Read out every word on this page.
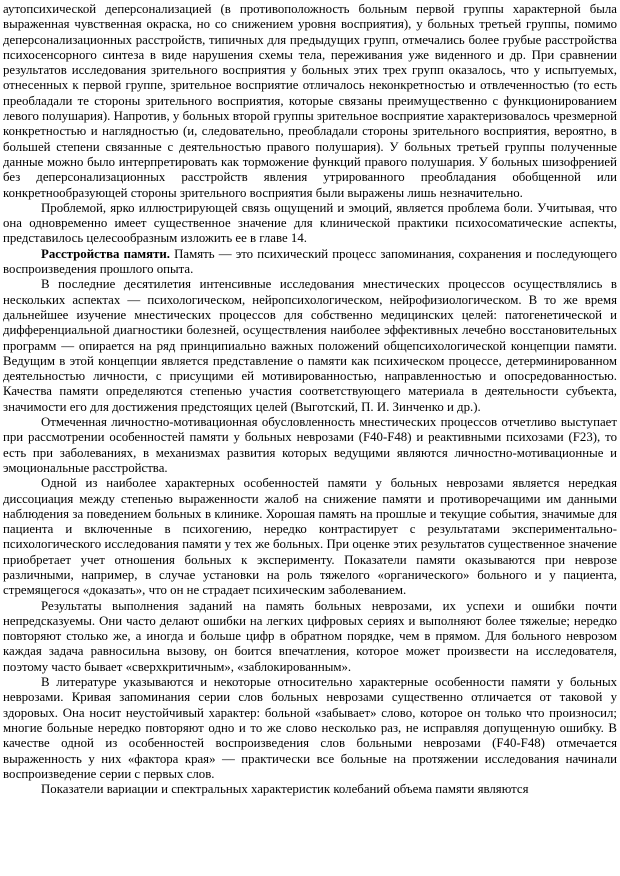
аутопсихической деперсонализацией (в противоположность больным первой группы характерной была выраженная чувственная окраска, но со снижением уровня восприятия), у больных третьей группы, помимо деперсонализационных расстройств, типичных для предыдущих групп, отмечались более грубые расстройства психосенсорного синтеза в виде нарушения схемы тела, переживания уже виденного и др. При сравнении результатов исследования зрительного восприятия у больных этих трех групп оказалось, что у испытуемых, отнесенных к первой группе, зрительное восприятие отличалось неконкретностью и отвлеченностью (то есть преобладали те стороны зрительного восприятия, которые связаны преимущественно с функционированием левого полушария). Напротив, у больных второй группы зрительное восприятие характеризовалось чрезмерной конкретностью и наглядностью (и, следовательно, преобладали стороны зрительного восприятия, вероятно, в большей степени связанные с деятельностью правого полушария). У больных третьей группы полученные данные можно было интерпретировать как торможение функций правого полушария. У больных шизофренией без деперсонализационных расстройств явления утрированного преобладания обобщенной или конкретнообразующей стороны зрительного восприятия были выражены лишь незначительно.

Проблемой, ярко иллюстрирующей связь ощущений и эмоций, является проблема боли. Учитывая, что она одновременно имеет существенное значение для клинической практики психосоматические аспекты, представилось целесообразным изложить ее в главе 14.

Расстройства памяти. Память — это психический процесс запоминания, сохранения и последующего воспроизведения прошлого опыта.

В последние десятилетия интенсивные исследования мнестических процессов осуществлялись в нескольких аспектах — психологическом, нейропсихологическом, нейрофизиологическом. В то же время дальнейшее изучение мнестических процессов для собственно медицинских целей: патогенетической и дифференциальной диагностики болезней, осуществления наиболее эффективных лечебно восстановительных программ — опирается на ряд принципиально важных положений общепсихологической концепции памяти. Ведущим в этой концепции является представление о памяти как психическом процессе, детерминированном деятельностью личности, с присущими ей мотивированностью, направленностью и опосредованностью. Качества памяти определяются степенью участия соответствующего материала в деятельности субъекта, значимости его для достижения предстоящих целей (Выготский, П. И. Зинченко и др.).

Отмеченная личностно-мотивационная обусловленность мнестических процессов отчетливо выступает при рассмотрении особенностей памяти у больных неврозами (F40-F48) и реактивными психозами (F23), то есть при заболеваниях, в механизмах развития которых ведущими являются личностно-мотивационные и эмоциональные расстройства.

Одной из наиболее характерных особенностей памяти у больных неврозами является нередкая диссоциация между степенью выраженности жалоб на снижение памяти и противоречащими им данными наблюдения за поведением больных в клинике. Хорошая память на прошлые и текущие события, значимые для пациента и включенные в психогению, нередко контрастирует с результатами экспериментально-психологического исследования памяти у тех же больных. При оценке этих результатов существенное значение приобретает учет отношения больных к эксперименту. Показатели памяти оказываются при неврозе различными, например, в случае установки на роль тяжелого «органического» больного и у пациента, стремящегося «доказать», что он не страдает психическим заболеванием.

Результаты выполнения заданий на память больных неврозами, их успехи и ошибки почти непредсказуемы. Они часто делают ошибки на легких цифровых сериях и выполняют более тяжелые; нередко повторяют столько же, а иногда и больше цифр в обратном порядке, чем в прямом. Для больного неврозом каждая задача равносильна вызову, он боится впечатления, которое может произвести на исследователя, поэтому часто бывает «сверхкритичным», «заблокированным».

В литературе указываются и некоторые относительно характерные особенности памяти у больных неврозами. Кривая запоминания серии слов больных неврозами существенно отличается от таковой у здоровых. Она носит неустойчивый характер: больной «забывает» слово, которое он только что произносил; многие больные нередко повторяют одно и то же слово несколько раз, не исправляя допущенную ошибку. В качестве одной из особенностей воспроизведения слов больными неврозами (F40-F48) отмечается выраженность у них «фактора края» — практически все больные на протяжении исследования начинали воспроизведение серии с первых слов.

Показатели вариации и спектральных характеристик колебаний объема памяти являются
